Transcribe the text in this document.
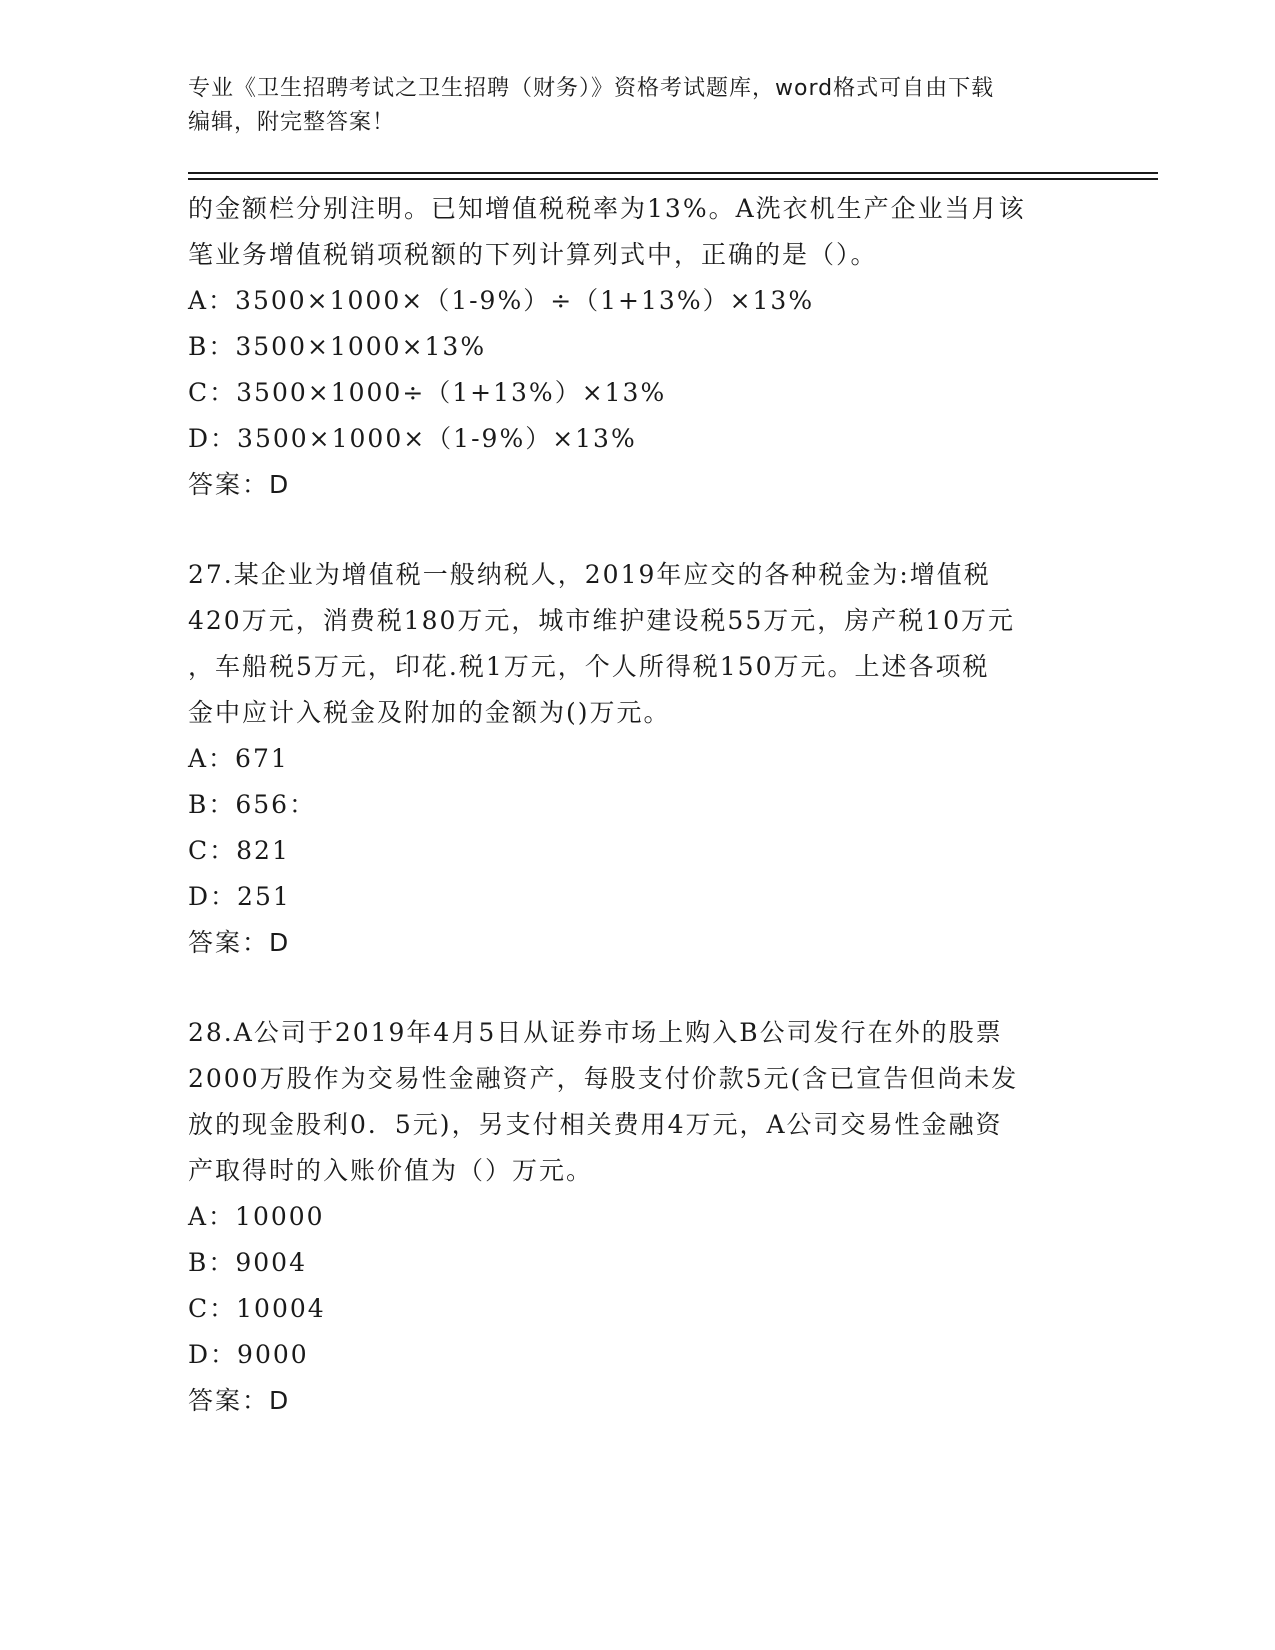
专业《卫生招聘考试之卫生招聘（财务）》资格考试题库，word格式可自由下载
编辑，附完整答案！

的金额栏分别注明。已知增值税税率为13%。A洗衣机生产企业当月该

笔业务增值税销项税额的下列计算列式中，正确的是（）。

A：3500×1000×（1-9%）÷（1+13%）×13%

B：3500×1000×13%

C：3500×1000÷（1+13%）×13%

D：3500×1000×（1-9%）×13%

答案：D

27.某企业为增值税一般纳税人，2019年应交的各种税金为:增值税

420万元，消费税180万元，城市维护建设税55万元，房产税10万元

，车船税5万元，印花.税1万元，个人所得税150万元。上述各项税

金中应计入税金及附加的金额为()万元。

A：671

B：656：

C：821

D：251

答案：D

28.A公司于2019年4月5日从证券市场上购入B公司发行在外的股票

2000万股作为交易性金融资产，每股支付价款5元(含已宣告但尚未发

放的现金股利0．5元)，另支付相关费用4万元，A公司交易性金融资

产取得时的入账价值为（）万元。

A：10000

B：9004

C：10004

D：9000

答案：D
